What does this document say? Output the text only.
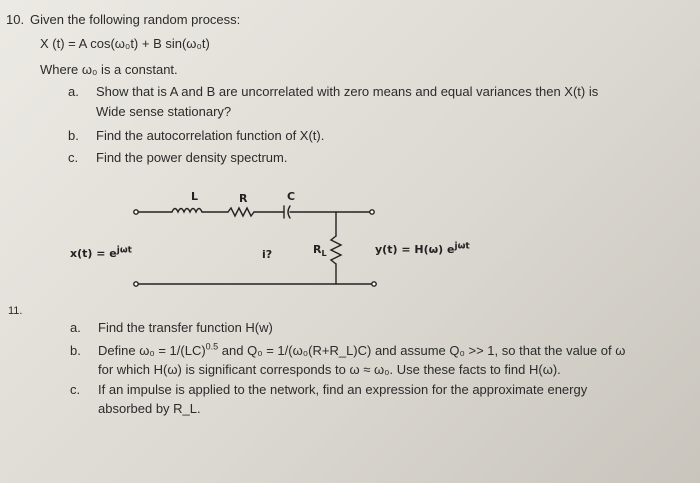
10. Given the following random process:
X (t) = A cos(ω₀t) + B sin(ω₀t)
Where ω₀ is a constant.
a. Show that is A and B are uncorrelated with zero means and equal variances then X(t) is
Wide sense stationary?
b. Find the autocorrelation function of X(t).
c. Find the power density spectrum.
L	R	C
$x(t) = e^{j\omega t}$	i?	$R_L$	y(t) = H(ω) $e^{j\omega t}$
11.
a. Find the transfer function H(w)
b. Define ω₀ = 1/(LC)$^{0.5}$ and Q₀ = 1/(ω₀(R+R_L)C) and assume Q₀ >> 1, so that the value of ω
for which H(ω) is significant corresponds to ω ≈ ω₀. Use these facts to find H(ω).
c. If an impulse is applied to the network, find an expression for the approximate energy
absorbed by R_L.
